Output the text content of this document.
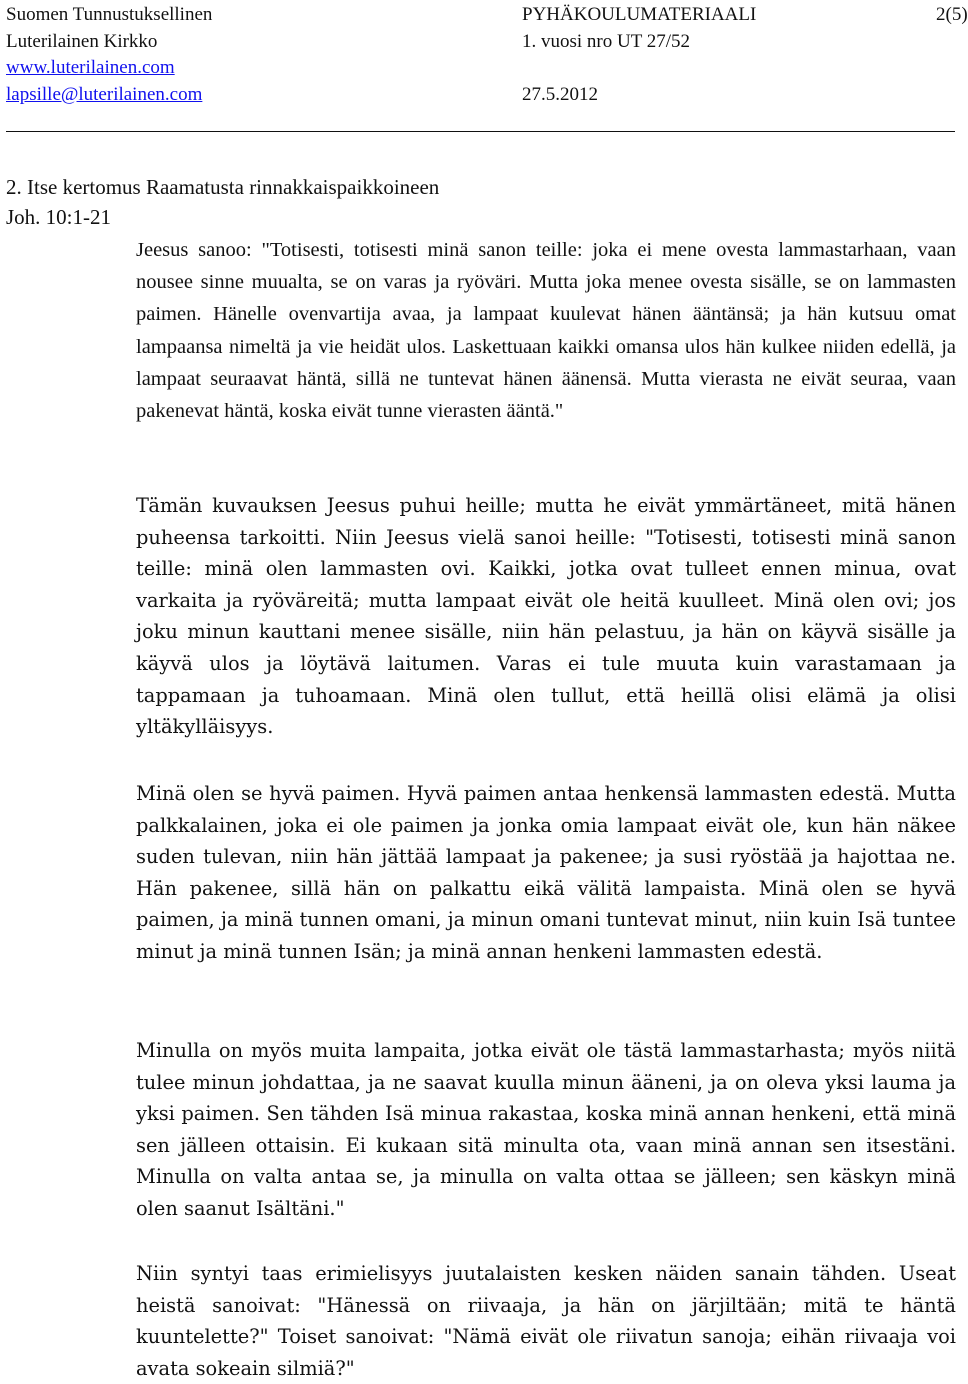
Suomen Tunnustuksellinen	PYHÄKOULUMATERIAALI	2(5)
Luterilainen Kirkko	1. vuosi nro UT 27/52
www.luterilainen.com
lapsille@luterilainen.com	27.5.2012
2. Itse kertomus Raamatusta rinnakkaispaikkoineen
Joh. 10:1-21

Jeesus sanoo: "Totisesti, totisesti minä sanon teille: joka ei mene ovesta lammastarhaan, vaan nousee sinne muualta, se on varas ja ryöväri. Mutta joka menee ovesta sisälle, se on lammasten paimen. Hänelle ovenvartija avaa, ja lampaat kuulevat hänen ääntänsä; ja hän kutsuu omat lampaansa nimeltä ja vie heidät ulos. Laskettuaan kaikki omansa ulos hän kulkee niiden edellä, ja lampaat seuraavat häntä, sillä ne tuntevat hänen äänensä. Mutta vierasta ne eivät seuraa, vaan pakenevat häntä, koska eivät tunne vierasten ääntä."

Tämän kuvauksen Jeesus puhui heille; mutta he eivät ymmärtäneet, mitä hänen puheensa tarkoitti. Niin Jeesus vielä sanoi heille: "Totisesti, totisesti minä sanon teille: minä olen lammasten ovi. Kaikki, jotka ovat tulleet ennen minua, ovat varkaita ja ryöväreitä; mutta lampaat eivät ole heitä kuulleet. Minä olen ovi; jos joku minun kauttani menee sisälle, niin hän pelastuu, ja hän on käyvä sisälle ja käyvä ulos ja löytävä laitumen. Varas ei tule muuta kuin varastamaan ja tappamaan ja tuhoamaan. Minä olen tullut, että heillä olisi elämä ja olisi yltäkylläisyys.

Minä olen se hyvä paimen. Hyvä paimen antaa henkensä lammasten edestä. Mutta palkkalainen, joka ei ole paimen ja jonka omia lampaat eivät ole, kun hän näkee suden tulevan, niin hän jättää lampaat ja pakenee; ja susi ryöstää ja hajottaa ne. Hän pakenee, sillä hän on palkattu eikä välitä lampaista. Minä olen se hyvä paimen, ja minä tunnen omani, ja minun omani tuntevat minut, niin kuin Isä tuntee minut ja minä tunnen Isän; ja minä annan henkeni lammasten edestä.

Minulla on myös muita lampaita, jotka eivät ole tästä lammastarhasta; myös niitä tulee minun johdattaa, ja ne saavat kuulla minun ääneni, ja on oleva yksi lauma ja yksi paimen. Sen tähden Isä minua rakastaa, koska minä annan henkeni, että minä sen jälleen ottaisin. Ei kukaan sitä minulta ota, vaan minä annan sen itsestäni. Minulla on valta antaa se, ja minulla on valta ottaa se jälleen; sen käskyn minä olen saanut Isältäni."

Niin syntyi taas erimielisyys juutalaisten kesken näiden sanain tähden. Useat heistä sanoivat: "Hänessä on riivaaja, ja hän on järjiltään; mitä te häntä kuuntelette?" Toiset sanoivat: "Nämä eivät ole riivatun sanoja; eihän riivaaja voi avata sokeain silmiä?"
